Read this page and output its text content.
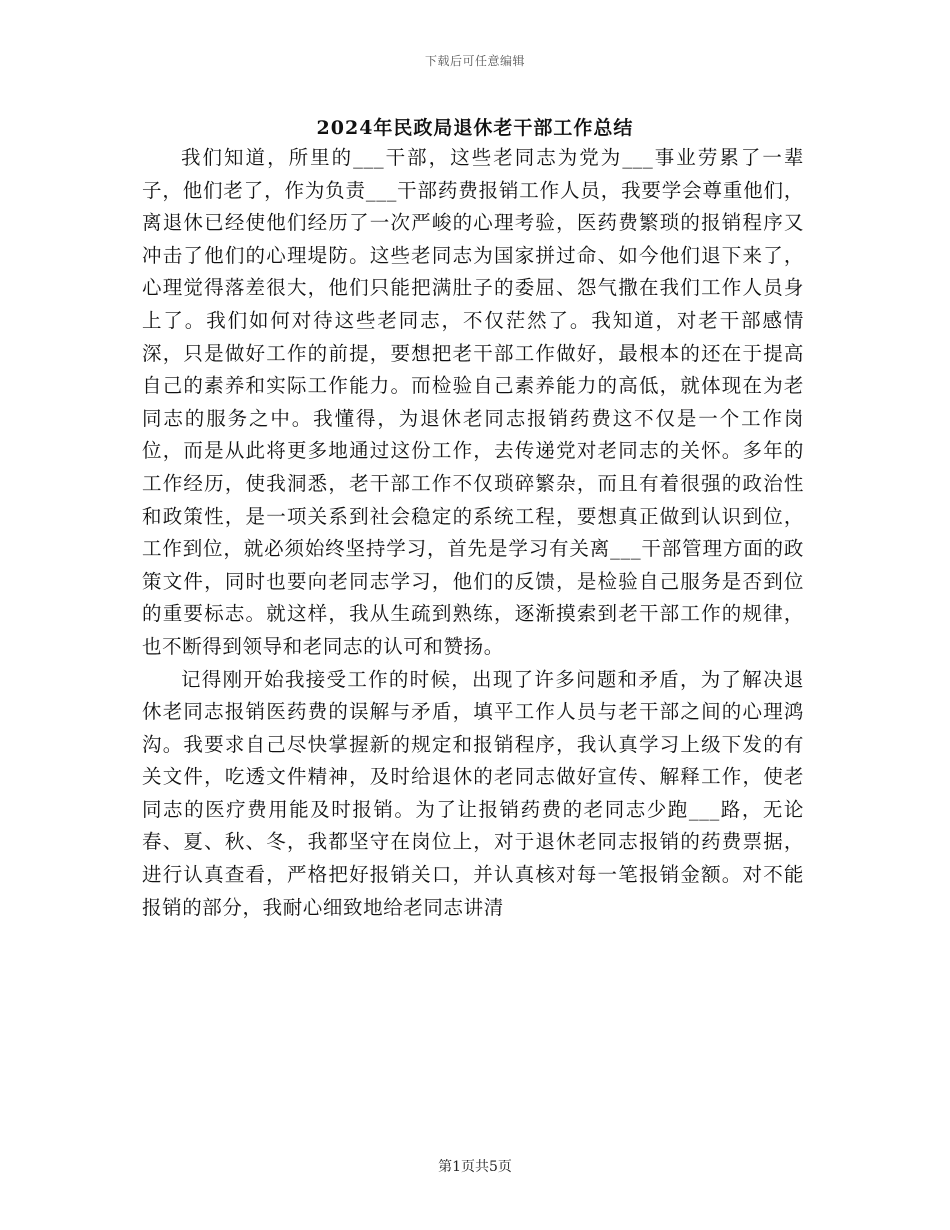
下载后可任意编辑
2024年民政局退休老干部工作总结

我们知道，所里的___干部，这些老同志为党为___事业劳累了一辈子，他们老了，作为负责___干部药费报销工作人员，我要学会尊重他们，离退休已经使他们经历了一次严峻的心理考验，医药费繁琐的报销程序又冲击了他们的心理堤防。这些老同志为国家拼过命、如今他们退下来了，心理觉得落差很大，他们只能把满肚子的委屈、怨气撒在我们工作人员身上了。我们如何对待这些老同志，不仅茫然了。我知道，对老干部感情深，只是做好工作的前提，要想把老干部工作做好，最根本的还在于提高自己的素养和实际工作能力。而检验自己素养能力的高低，就体现在为老同志的服务之中。我懂得，为退休老同志报销药费这不仅是一个工作岗位，而是从此将更多地通过这份工作，去传递党对老同志的关怀。多年的工作经历，使我洞悉，老干部工作不仅琐碎繁杂，而且有着很强的政治性和政策性，是一项关系到社会稳定的系统工程，要想真正做到认识到位，工作到位，就必须始终坚持学习，首先是学习有关离___干部管理方面的政策文件，同时也要向老同志学习，他们的反馈，是检验自己服务是否到位的重要标志。就这样，我从生疏到熟练，逐渐摸索到老干部工作的规律，也不断得到领导和老同志的认可和赞扬。

记得刚开始我接受工作的时候，出现了许多问题和矛盾，为了解决退休老同志报销医药费的误解与矛盾，填平工作人员与老干部之间的心理鸿沟。我要求自己尽快掌握新的规定和报销程序，我认真学习上级下发的有关文件，吃透文件精神，及时给退休的老同志做好宣传、解释工作，使老同志的医疗费用能及时报销。为了让报销药费的老同志少跑___路，无论春、夏、秋、冬，我都坚守在岗位上，对于退休老同志报销的药费票据，进行认真查看，严格把好报销关口，并认真核对每一笔报销金额。对不能报销的部分，我耐心细致地给老同志讲清

第1页共5页
